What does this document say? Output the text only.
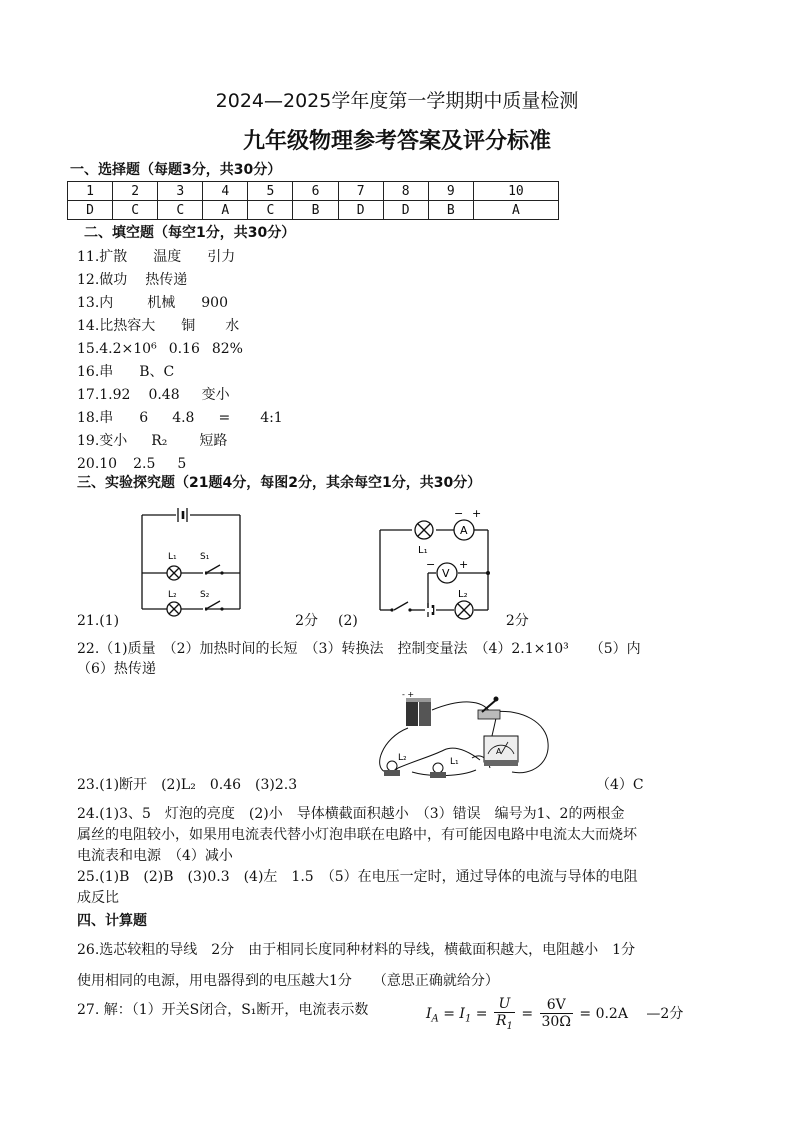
2024—2025学年度第一学期期中质量检测
九年级物理参考答案及评分标准
一、选择题（每题3分，共30分）
1	2	3	4	5	6	7	8	9	10
D	C	C	A	C	B	D	D	B	A
二、填空题（每空1分，共30分）
11.扩散 温度 引力
12.做功 热传递
13.内 机械 900
14.比热容大 铜 水
15.4.2×10⁶ 0.16 82%
16.串 B、C
17.1.92 0.48 变小
18.串 6 4.8 = 4:1
19.变小 R₂ 短路
20.10 2.5 5
三、实验探究题（21题4分，每图2分，其余每空1分，共30分）
L₁	S₁
L₂	S₂
A
V
− +
− +
L₁
L₂
21.(1)	2分 (2)	2分
22.（1)质量　（2）加热时间的长短　（3）转换法　控制变量法　（4）2.1×10³　　（5）内
（6）热传递
- +
A
L₂	L₁
23.(1)断开　(2)L₂　0.46　(3)2.3	（4）C
24.(1)3、5　灯泡的亮度　(2)小　导体横截面积越小　（3）错误　编号为1、2的两根金
属丝的电阻较小，如果用电流表代替小灯泡串联在电路中，有可能因电路中电流太大而烧坏
电流表和电源　（4）减小
25.(1)B　(2)B　(3)0.3　(4)左　1.5　（5）在电压一定时，通过导体的电流与导体的电阻
成反比
四、计算题
26.选芯较粗的导线　2分　由于相同长度同种材料的导线，横截面积越大，电阻越小　1分
使用相同的电源，用电器得到的电压越大1分　　（意思正确就给分）
27. 解：（1）开关S闭合，S₁断开，电流表示数	$I_A = I_1 = \frac{U}{R_1} = \frac{6V}{30\Omega} = 0.2A$ —2分
